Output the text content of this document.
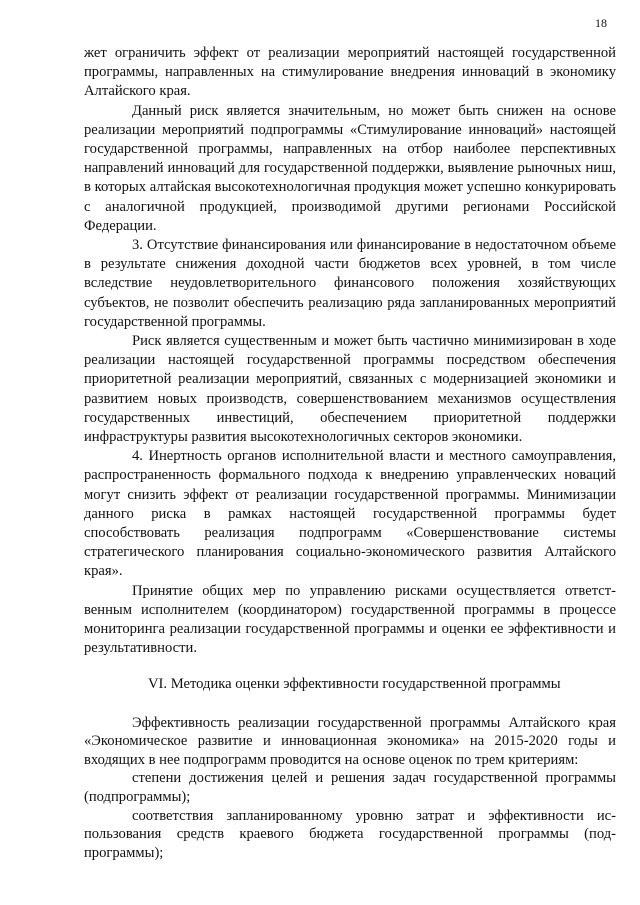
18

жет ограничить эффект от реализации мероприятий настоящей государственной программы, направленных на стимулирование внедрения инноваций в экономику Алтайского края.

Данный риск является значительным, но может быть снижен на основе реализации мероприятий подпрограммы «Стимулирование инноваций» настоящей государственной программы, направленных на отбор наиболее перспективных направлений инноваций для государственной поддержки, выявление рыночных ниш, в которых алтайская высокотехнологичная продукция может успешно конкурировать с аналогичной продукцией, производимой другими регионами Российской Федерации.

3. Отсутствие финансирования или финансирование в недостаточном объеме в результате снижения доходной части бюджетов всех уровней, в том числе вследствие неудовлетворительного финансового положения хозяйствующих субъектов, не позволит обеспечить реализацию ряда запланированных мероприятий государственной программы.

Риск является существенным и может быть частично минимизирован в ходе реализации настоящей государственной программы посредством обеспечения приоритетной реализации мероприятий, связанных с модернизацией экономики и развитием новых производств, совершенствованием механизмов осуществления государственных инвестиций, обеспечением приоритетной поддержки инфраструктуры развития высокотехнологичных секторов экономики.

4. Инертность органов исполнительной власти и местного самоуправления, распространенность формального подхода к внедрению управленческих новаций могут снизить эффект от реализации государственной программы. Минимизации данного риска в рамках настоящей государственной программы будет способствовать реализация подпрограмм «Совершенствование системы стратегического планирования социально-экономического развития Алтайского края».

Принятие общих мер по управлению рисками осуществляется ответственным исполнителем (координатором) государственной программы в процессе мониторинга реализации государственной программы и оценки ее эффективности и результативности.

VI. Методика оценки эффективности государственной программы

Эффективность реализации государственной программы Алтайского края «Экономическое развитие и инновационная экономика» на 2015-2020 годы и входящих в нее подпрограмм проводится на основе оценок по трем критериям:

степени достижения целей и решения задач государственной программы (подпрограммы);

соответствия запланированному уровню затрат и эффективности использования средств краевого бюджета государственной программы (подпрограммы);
